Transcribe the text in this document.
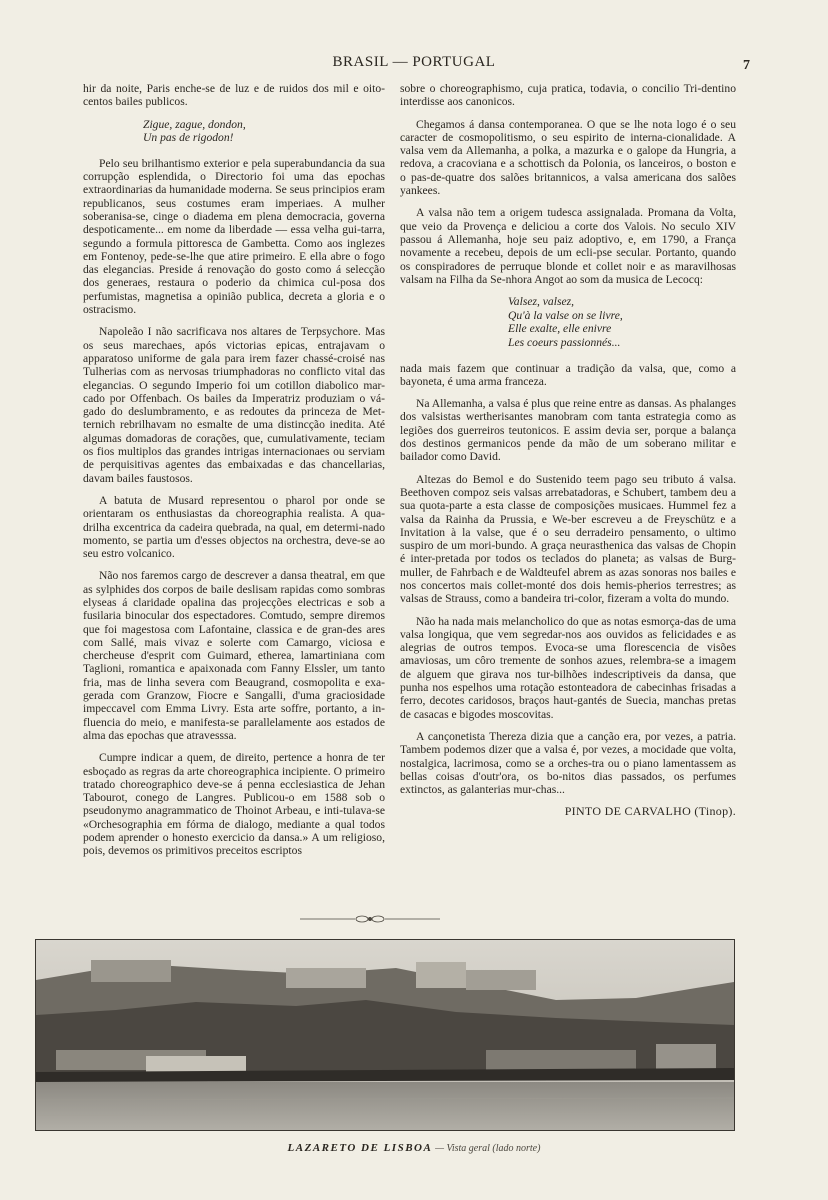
BRASIL — PORTUGAL	7

hir da noite, Paris enche-se de luz e de ruidos dos mil e oito-centos bailes publicos.

Zigue, zague, dondon,
Un pas de rigodon!

Pelo seu brilhantismo exterior e pela superabundancia da sua corrupção esplendida, o Directorio foi uma das epochas extraordinarias da humanidade moderna. Se seus principios eram republicanos, seus costumes eram imperiaes. A mulher soberanisa-se, cinge o diadema em plena democracia, governa despoticamente... em nome da liberdade — essa velha gui-tarra, segundo a formula pittoresca de Gambetta. Como aos inglezes em Fontenoy, pede-se-lhe que atire primeiro. E ella abre o fogo das elegancias. Preside á renovação do gosto como á selecção dos generaes, restaura o poderio da chimica cul-posa dos perfumistas, magnetisa a opinião publica, decreta a gloria e o ostracismo.

Napoleão I não sacrificava nos altares de Terpsychore. Mas os seus marechaes, após victorias epicas, entrajavam o apparatoso uniforme de gala para irem fazer chassé-croisé nas Tulherias com as nervosas triumphadoras no conflicto vital das elegancias. O segundo Imperio foi um cotillon diabolico mar-cado por Offenbach. Os bailes da Imperatriz produziam o vá-gado do deslumbramento, e as redoutes da princeza de Met-ternich rebrilhavam no esmalte de uma distincção inedita. Até algumas domadoras de corações, que, cumulativamente, teciam os fios multiplos das grandes intrigas internacionaes ou serviam de perquisitivas agentes das embaixadas e das chancellarias, davam bailes faustosos.

A batuta de Musard representou o pharol por onde se orientaram os enthusiastas da choreographia realista. A qua-drilha excentrica da cadeira quebrada, na qual, em determi-nado momento, se partia um d'esses objectos na orchestra, deve-se ao seu estro volcanico.

Não nos faremos cargo de descrever a dansa theatral, em que as sylphides dos corpos de baile deslisam rapidas como sombras elyseas á claridade opalina das projecções electricas e sob a fusilaria binocular dos espectadores. Comtudo, sempre diremos que foi magestosa com Lafontaine, classica e de gran-des ares com Sallé, mais vivaz e solerte com Camargo, viciosa e chercheuse d'esprit com Guimard, etherea, lamartiniana com Taglioni, romantica e apaixonada com Fanny Elssler, um tanto fria, mas de linha severa com Beaugrand, cosmopolita e exa-gerada com Granzow, Fiocre e Sangalli, d'uma graciosidade impeccavel com Emma Livry. Esta arte soffre, portanto, a in-fluencia do meio, e manifesta-se parallelamente aos estados de alma das epochas que atravesssa.

Cumpre indicar a quem, de direito, pertence a honra de ter esboçado as regras da arte choreographica incipiente. O primeiro tratado choreographico deve-se á penna ecclesiastica de Jehan Tabourot, conego de Langres. Publicou-o em 1588 sob o pseudonymo anagrammatico de Thoinot Arbeau, e inti-tulava-se «Orchesographia em fórma de dialogo, mediante a qual todos podem aprender o honesto exercicio da dansa.» A um religioso, pois, devemos os primitivos preceitos escriptos

sobre o choreographismo, cuja pratica, todavia, o concilio Tri-dentino interdisse aos canonicos.

Chegamos á dansa contemporanea. O que se lhe nota logo é o seu caracter de cosmopolitismo, o seu espirito de interna-cionalidade. A valsa vem da Allemanha, a polka, a mazurka e o galope da Hungria, a redova, a cracoviana e a schottisch da Polonia, os lanceiros, o boston e o pas-de-quatre dos salões britannicos, a valsa americana dos salões yankees.

A valsa não tem a origem tudesca assignalada. Promana da Volta, que veio da Provença e deliciou a corte dos Valois. No seculo XIV passou á Allemanha, hoje seu paiz adoptivo, e, em 1790, a França novamente a recebeu, depois de um ecli-pse secular. Portanto, quando os conspiradores de perruque blonde et collet noir e as maravilhosas valsam na Filha da Se-nhora Angot ao som da musica de Lecocq:

Valsez, valsez,
Qu'à la valse on se livre,
Elle exalte, elle enivre
Les coeurs passionnés...

nada mais fazem que continuar a tradição da valsa, que, como a bayoneta, é uma arma franceza.

Na Allemanha, a valsa é plus que reine entre as dansas. As phalanges dos valsistas wertherisantes manobram com tanta estrategia como as legiões dos guerreiros teutonicos. E assim devia ser, porque a balança dos destinos germanicos pende da mão de um soberano militar e bailador como David.

Altezas do Bemol e do Sustenido teem pago seu tributo á valsa. Beethoven compoz seis valsas arrebatadoras, e Schubert, tambem deu a sua quota-parte a esta classe de composições musicaes. Hummel fez a valsa da Rainha da Prussia, e We-ber escreveu a de Freyschütz e a Invitation à la valse, que é o seu derradeiro pensamento, o ultimo suspiro de um mori-bundo. A graça neurasthenica das valsas de Chopin é inter-pretada por todos os teclados do planeta; as valsas de Burg-muller, de Fahrbach e de Waldteufel abrem as azas sonoras nos bailes e nos concertos mais collet-monté dos dois hemis-pherios terrestres; as valsas de Strauss, como a bandeira tri-color, fizeram a volta do mundo.

Não ha nada mais melancholico do que as notas esmorça-das de uma valsa longiqua, que vem segredar-nos aos ouvidos as felicidades e as alegrias de outros tempos. Evoca-se uma florescencia de visões amaviosas, um côro tremente de sonhos azues, relembra-se a imagem de alguem que girava nos tur-bilhões indescriptiveis da dansa, que punha nos espelhos uma rotação estonteadora de cabecinhas frisadas a ferro, decotes caridosos, braços haut-gantés de Suecia, manchas pretas de casacas e bigodes moscovitas.

A cançonetista Thereza dizia que a canção era, por vezes, a patria. Tambem podemos dizer que a valsa é, por vezes, a mocidade que volta, nostalgica, lacrimosa, como se a orches-tra ou o piano lamentassem as bellas coisas d'outr'ora, os bo-nitos dias passados, os perfumes extinctos, as galanterias mur-chas...

PINTO DE CARVALHO (Tinop).
LAZARETO DE LISBOA — Vista geral (lado norte)
